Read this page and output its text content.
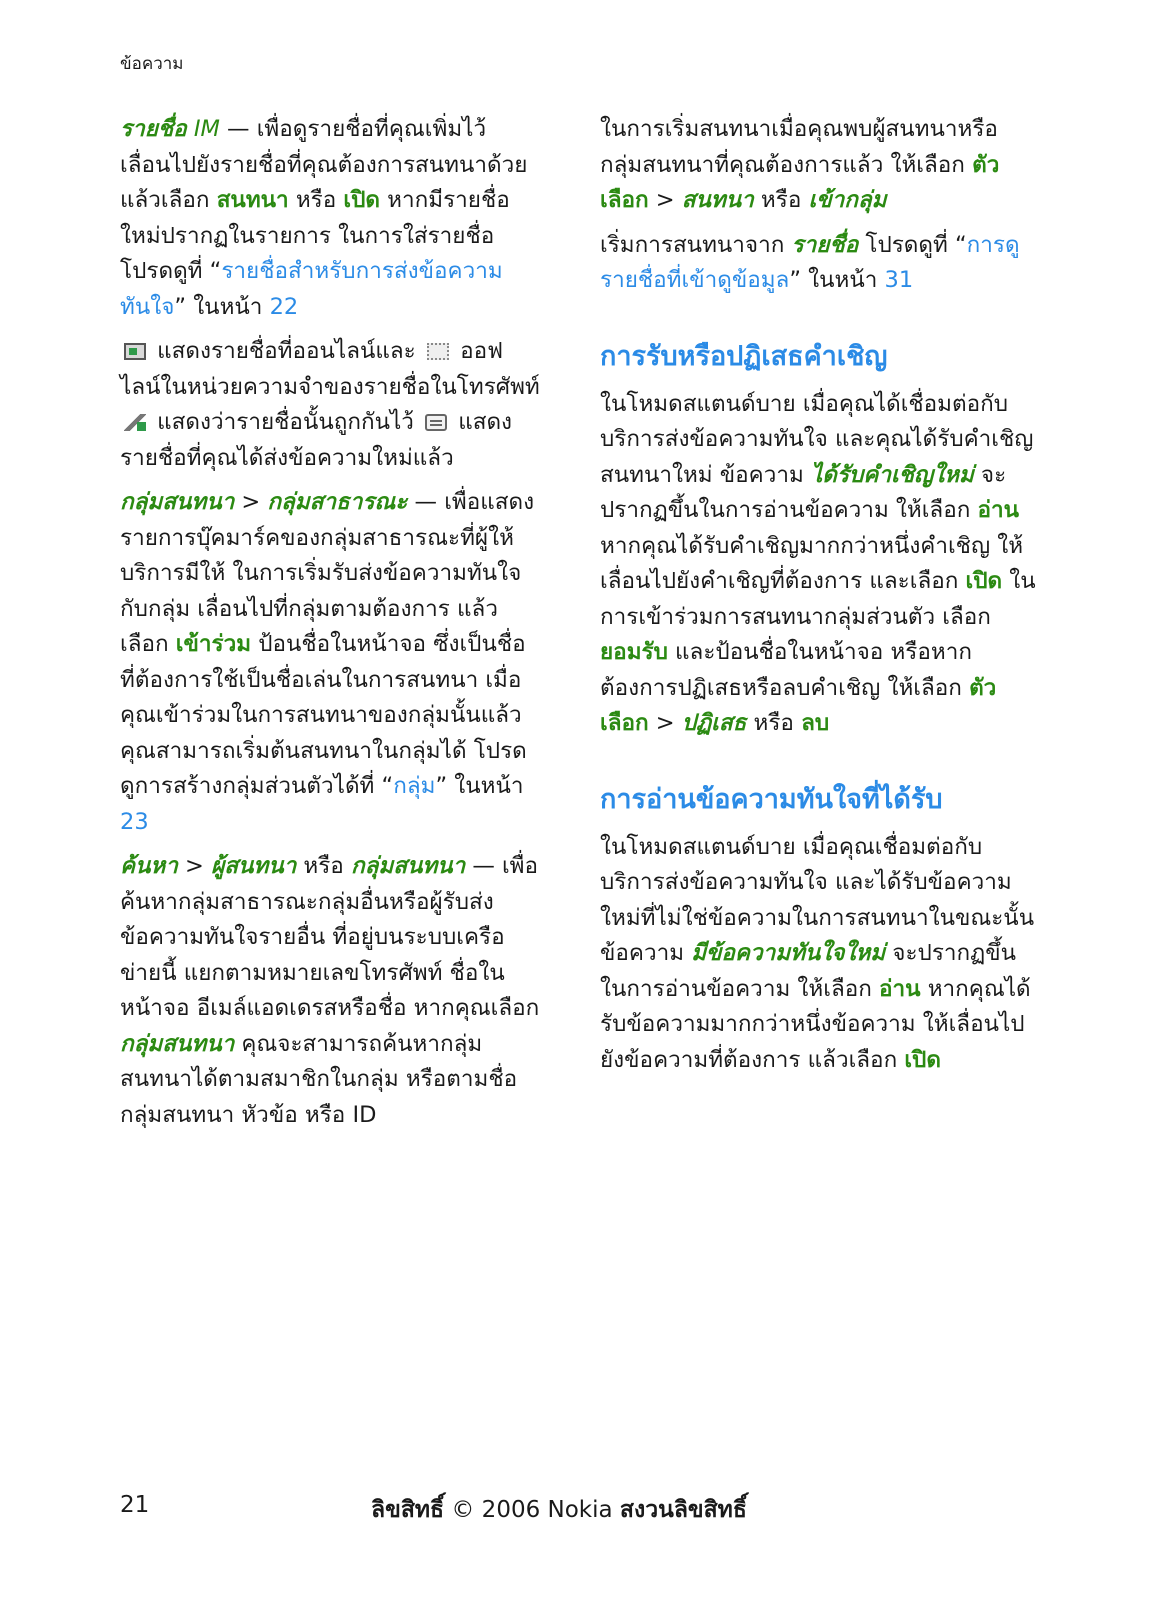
ข้อความ

รายชื่อ IM — เพื่อดูรายชื่อที่คุณเพิ่มไว้ เลื่อนไปยังรายชื่อที่คุณต้องการสนทนาด้วย แล้วเลือก สนทนา หรือ เปิด หากมีรายชื่อใหม่ปรากฏในรายการ ในการใส่รายชื่อ โปรดดูที่ “รายชื่อสำหรับการส่งข้อความทันใจ” ในหน้า 22

แสดงรายชื่อที่ออนไลน์และ  ออฟไลน์ในหน่วยความจำของรายชื่อในโทรศัพท์  แสดงว่ารายชื่อนั้นถูกกันไว้  แสดงรายชื่อที่คุณได้ส่งข้อความใหม่แล้ว

กลุ่มสนทนา > กลุ่มสาธารณะ — เพื่อแสดงรายการบุ๊คมาร์คของกลุ่มสาธารณะที่ผู้ให้บริการมีให้ ในการเริ่มรับส่งข้อความทันใจกับกลุ่ม เลื่อนไปที่กลุ่มตามต้องการ แล้วเลือก เข้าร่วม ป้อนชื่อในหน้าจอ ซึ่งเป็นชื่อที่ต้องการใช้เป็นชื่อเล่นในการสนทนา เมื่อคุณเข้าร่วมในการสนทนาของกลุ่มนั้นแล้ว คุณสามารถเริ่มต้นสนทนาในกลุ่มได้ โปรดดูการสร้างกลุ่มส่วนตัวได้ที่ “กลุ่ม” ในหน้า 23

ค้นหา > ผู้สนทนา หรือ กลุ่มสนทนา — เพื่อค้นหากลุ่มสาธารณะกลุ่มอื่นหรือผู้รับส่งข้อความทันใจรายอื่น ที่อยู่บนระบบเครือข่ายนี้ แยกตามหมายเลขโทรศัพท์ ชื่อในหน้าจอ อีเมล์แอดเดรสหรือชื่อ หากคุณเลือก กลุ่มสนทนา คุณจะสามารถค้นหากลุ่มสนทนาได้ตามสมาชิกในกลุ่ม หรือตามชื่อกลุ่มสนทนา หัวข้อ หรือ ID

ในการเริ่มสนทนาเมื่อคุณพบผู้สนทนาหรือกลุ่มสนทนาที่คุณต้องการแล้ว ให้เลือก ตัวเลือก > สนทนา หรือ เข้ากลุ่ม

เริ่มการสนทนาจาก รายชื่อ โปรดดูที่ “การดูรายชื่อที่เข้าดูข้อมูล” ในหน้า 31

การรับหรือปฏิเสธคำเชิญ

ในโหมดสแตนด์บาย เมื่อคุณได้เชื่อมต่อกับบริการส่งข้อความทันใจ และคุณได้รับคำเชิญสนทนาใหม่ ข้อความ ได้รับคำเชิญใหม่ จะปรากฏขึ้นในการอ่านข้อความ ให้เลือก อ่าน หากคุณได้รับคำเชิญมากกว่าหนึ่งคำเชิญ ให้เลื่อนไปยังคำเชิญที่ต้องการ และเลือก เปิด ในการเข้าร่วมการสนทนากลุ่มส่วนตัว เลือก ยอมรับ และป้อนชื่อในหน้าจอ หรือหากต้องการปฏิเสธหรือลบคำเชิญ ให้เลือก ตัวเลือก > ปฏิเสธ หรือ ลบ

การอ่านข้อความทันใจที่ได้รับ

ในโหมดสแตนด์บาย เมื่อคุณเชื่อมต่อกับบริการส่งข้อความทันใจ และได้รับข้อความใหม่ที่ไม่ใช่ข้อความในการสนทนาในขณะนั้น ข้อความ มีข้อความทันใจใหม่ จะปรากฏขึ้น ในการอ่านข้อความ ให้เลือก อ่าน หากคุณได้รับข้อความมากกว่าหนึ่งข้อความ ให้เลื่อนไปยังข้อความที่ต้องการ แล้วเลือก เปิด

21	ลิขสิทธิ์ © 2006 Nokia สงวนลิขสิทธิ์
